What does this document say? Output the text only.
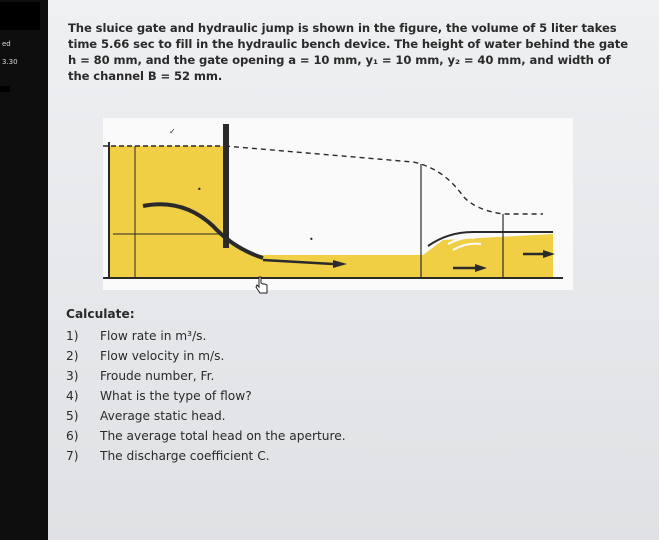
ed
3.30
The sluice gate and hydraulic jump is shown in the figure, the volume of 5 liter takes time 5.66 sec to fill in the hydraulic bench device. The height of water behind the gate h = 80 mm, and the gate opening a = 10 mm, y₁ = 10 mm, y₂ = 40 mm, and width of the channel B = 52 mm.
✓
•
•
Calculate:
1)	Flow rate in m³/s.
2)	Flow velocity in m/s.
3)	Froude number, Fr.
4)	What is the type of flow?
5)	Average static head.
6)	The average total head on the aperture.
7)	The discharge coefficient C.
